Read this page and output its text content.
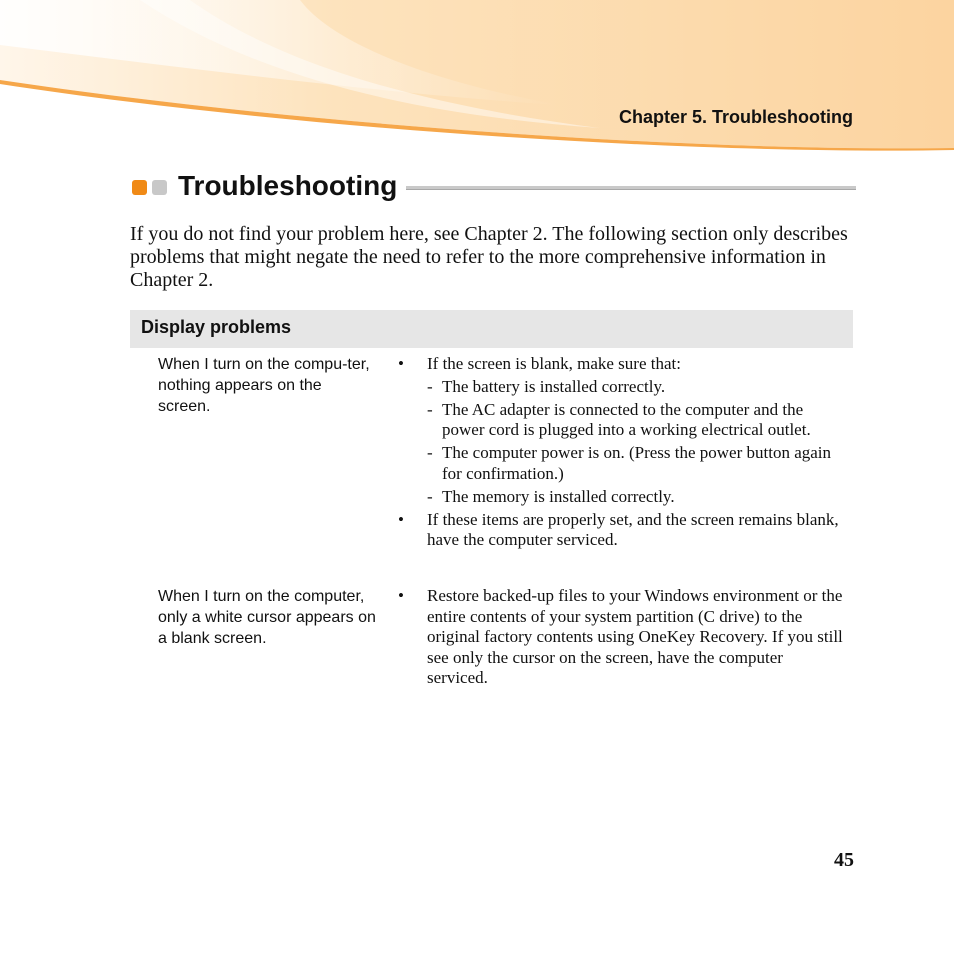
Chapter 5. Troubleshooting
Troubleshooting

If you do not find your problem here, see Chapter 2. The following section only describes problems that might negate the need to refer to the more comprehensive information in Chapter 2.

Display problems
When I turn on the compu-ter, nothing appears on the screen.
• If the screen is blank, make sure that:
- The battery is installed correctly.
- The AC adapter is connected to the computer and the power cord is plugged into a working electrical outlet.
- The computer power is on. (Press the power button again for confirmation.)
- The memory is installed correctly.
• If these items are properly set, and the screen remains blank, have the computer serviced.
When I turn on the computer, only a white cursor appears on a blank screen.
• Restore backed-up files to your Windows environment or the entire contents of your system partition (C drive) to the original factory contents using OneKey Recovery. If you still see only the cursor on the screen, have the computer serviced.
45
